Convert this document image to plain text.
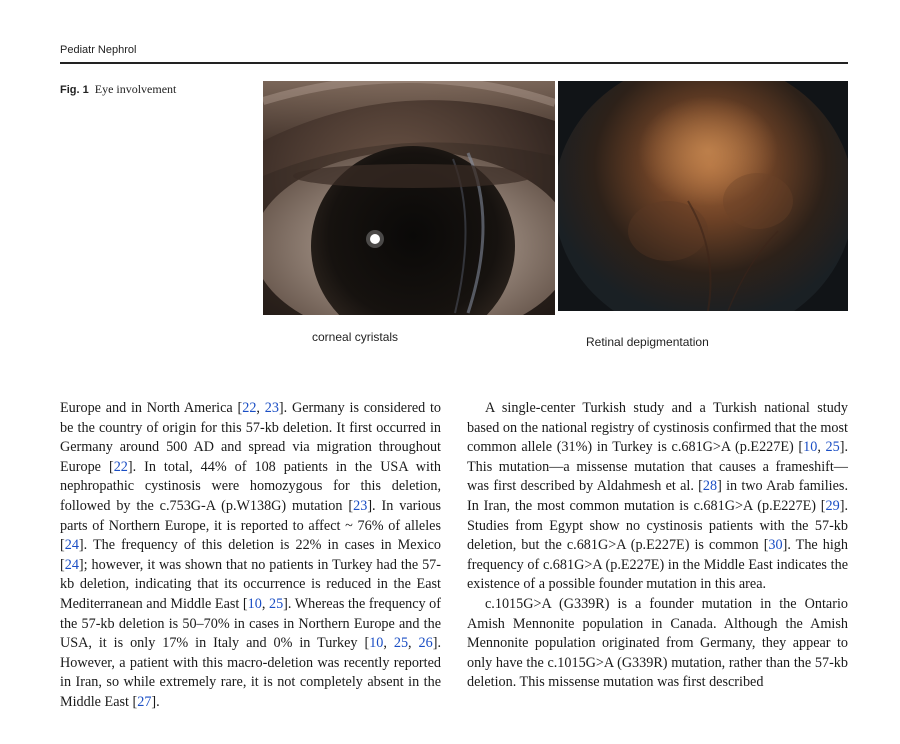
Pediatr Nephrol
Fig. 1 Eye involvement
corneal cyristals	Retinal depigmentation

Europe and in North America [22, 23]. Germany is considered to be the country of origin for this 57-kb deletion. It first occurred in Germany around 500 AD and spread via migration throughout Europe [22]. In total, 44% of 108 patients in the USA with nephropathic cystinosis were homozygous for this deletion, followed by the c.753G-A (p.W138G) mutation [23]. In various parts of Northern Europe, it is reported to affect ~ 76% of alleles [24]. The frequency of this deletion is 22% in cases in Mexico [24]; however, it was shown that no patients in Turkey had the 57-kb deletion, indicating that its occurrence is reduced in the East Mediterranean and Middle East [10, 25]. Whereas the frequency of the 57-kb deletion is 50–70% in cases in Northern Europe and the USA, it is only 17% in Italy and 0% in Turkey [10, 25, 26]. However, a patient with this macro-deletion was recently reported in Iran, so while extremely rare, it is not completely absent in the Middle East [27].

A single-center Turkish study and a Turkish national study based on the national registry of cystinosis confirmed that the most common allele (31%) in Turkey is c.681G>A (p.E227E) [10, 25]. This mutation—a missense mutation that causes a frameshift—was first described by Aldahmesh et al. [28] in two Arab families. In Iran, the most common mutation is c.681G>A (p.E227E) [29]. Studies from Egypt show no cystinosis patients with the 57-kb deletion, but the c.681G>A (p.E227E) is common [30]. The high frequency of c.681G>A (p.E227E) in the Middle East indicates the existence of a possible founder mutation in this area.

c.1015G>A (G339R) is a founder mutation in the Ontario Amish Mennonite population in Canada. Although the Amish Mennonite population originated from Germany, they appear to only have the c.1015G>A (G339R) mutation, rather than the 57-kb deletion. This missense mutation was first described
